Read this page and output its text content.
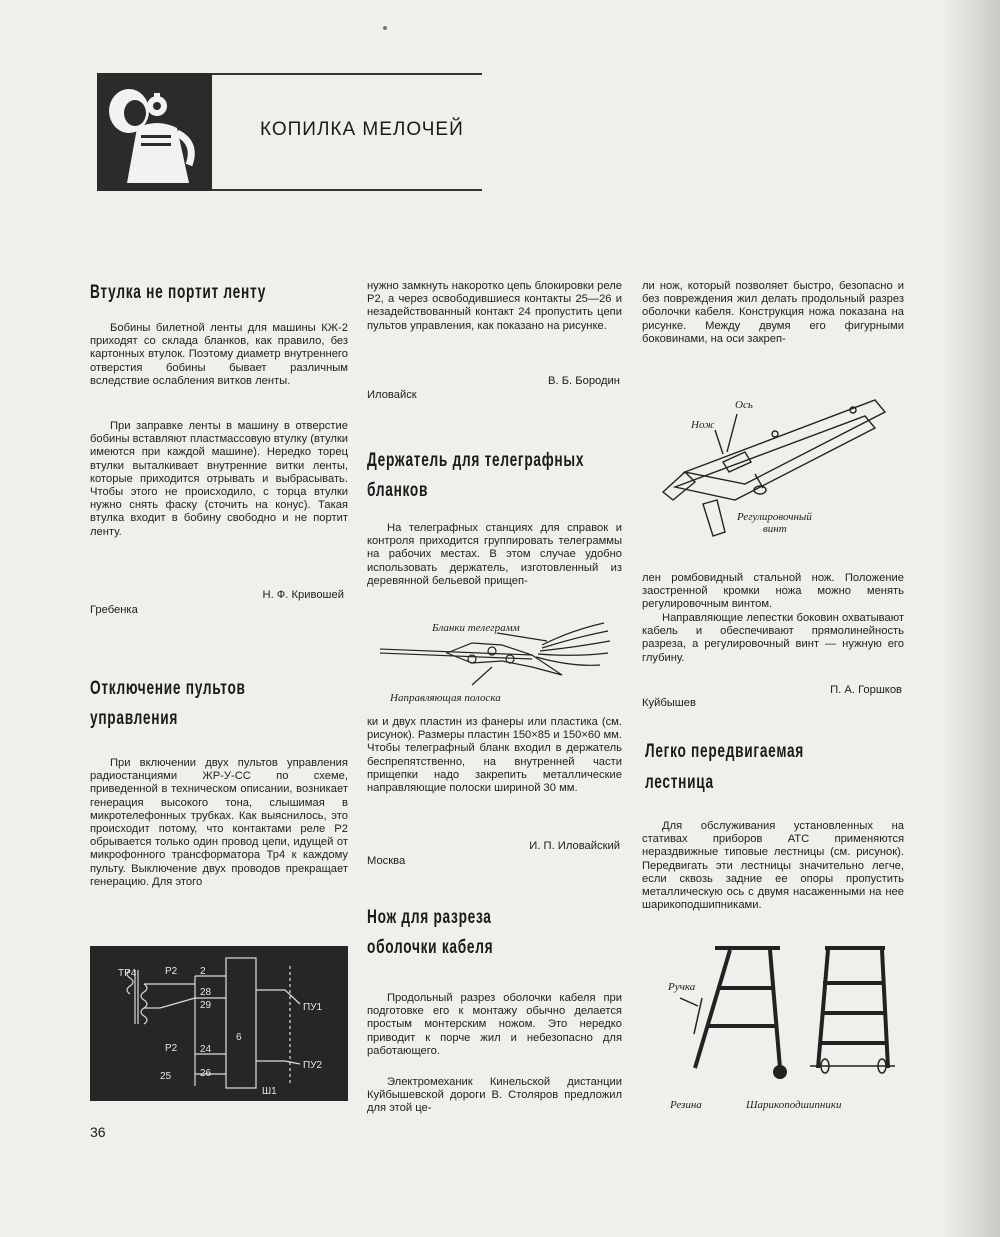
КОПИЛКА МЕЛОЧЕЙ
Втулка не портит ленту
Бобины билетной ленты для машины КЖ-2 приходят со склада бланков, как правило, без картонных втулок. Поэтому диаметр внутреннего отверстия бобины бывает различным вследствие ослабления витков ленты.
При заправке ленты в машину в отверстие бобины вставляют пластмассовую втулку (втулки имеются при каждой машине). Нередко торец втулки выталкивает внутренние витки ленты, которые приходится отрывать и выбрасывать. Чтобы этого не происходило, с торца втулки нужно снять фаску (сточить на конус). Такая втулка входит в бобину свободно и не портит ленту.
Н. Ф. Кривошей
Гребенка
Отключение пультов
управления
При включении двух пультов управления радиостанциями ЖР-У-СС по схеме, приведенной в техническом описании, возникает генерация высокого тона, слышимая в микротелефонных трубках. Как выяснилось, это происходит потому, что контактами реле Р2 обрывается только один провод цепи, идущей от микрофонного трансформатора Тр4 к каждому пульту. Выключение двух проводов прекращает генерацию. Для этого
ТР4	Р2
Р2
2
28
29
24
25	26
6
ПУ1
ПУ2
Ш1
36
нужно замкнуть накоротко цепь блокировки реле Р2, а через освободившиеся контакты 25—26 и незадействованный контакт 24 пропустить цепи пультов управления, как показано на рисунке.
В. Б. Бородин
Иловайск
Держатель для телеграфных
бланков
На телеграфных станциях для справок и контроля приходится группировать телеграммы на рабочих местах. В этом случае удобно использовать держатель, изготовленный из деревянной бельевой прищеп-
Бланки телеграмм
Направляющая полоска
ки и двух пластин из фанеры или пластика (см. рисунок). Размеры пластин 150×85 и 150×60 мм. Чтобы телеграфный бланк входил в держатель беспрепятственно, на внутренней части прищепки надо закрепить металлические направляющие полоски шириной 30 мм.
И. П. Иловайский
Москва
Нож для разреза
оболочки кабеля
Продольный разрез оболочки кабеля при подготовке его к монтажу обычно делается простым монтерским ножом. Это нередко приводит к порче жил и небезопасно для работающего.
Электромеханик Кинельской дистанции Куйбышевской дороги В. Столяров предложил для этой це-
ли нож, который позволяет быстро, безопасно и без повреждения жил делать продольный разрез оболочки кабеля. Конструкция ножа показана на рисунке. Между двумя его фигурными боковинами, на оси закреп-
Ось
Нож
Регулировочный
винт
лен ромбовидный стальной нож. Положение заостренной кромки ножа можно менять регулировочным винтом.
Направляющие лепестки боковин охватывают кабель и обеспечивают прямолинейность разреза, а регулировочный винт — нужную его глубину.
П. А. Горшков
Куйбышев
Легко передвигаемая
лестница
Для обслуживания установленных на стативах приборов АТС применяются нераздвижные типовые лестницы (см. рисунок). Передвигать эти лестницы значительно легче, если сквозь задние ее опоры пропустить металлическую ось с двумя насаженными на нее шарикоподшипниками.
Ручка
Резина	Шарикоподшипники
